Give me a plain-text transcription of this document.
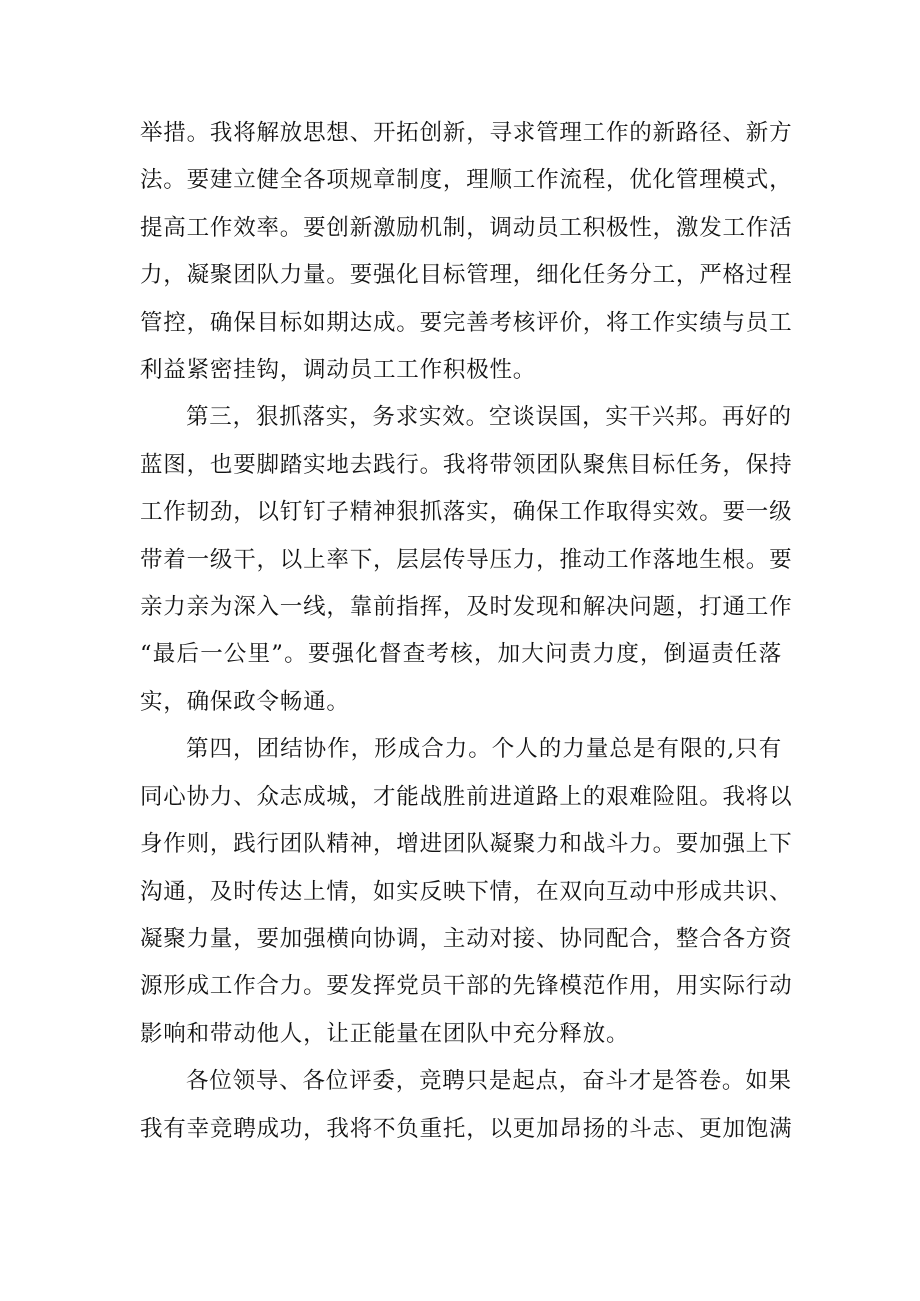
举措。我将解放思想、开拓创新，寻求管理工作的新路径、新方
法。要建立健全各项规章制度，理顺工作流程，优化管理模式，
提高工作效率。要创新激励机制，调动员工积极性，激发工作活
力，凝聚团队力量。要强化目标管理，细化任务分工，严格过程
管控，确保目标如期达成。要完善考核评价，将工作实绩与员工
利益紧密挂钩，调动员工工作积极性。

第三，狠抓落实，务求实效。空谈误国，实干兴邦。再好的
蓝图，也要脚踏实地去践行。我将带领团队聚焦目标任务，保持
工作韧劲，以钉钉子精神狠抓落实，确保工作取得实效。要一级
带着一级干，以上率下，层层传导压力，推动工作落地生根。要
亲力亲为深入一线，靠前指挥，及时发现和解决问题，打通工作
“最后一公里”。要强化督查考核，加大问责力度，倒逼责任落
实，确保政令畅通。

第四，团结协作，形成合力。个人的力量总是有限的,只有
同心协力、众志成城，才能战胜前进道路上的艰难险阻。我将以
身作则，践行团队精神，增进团队凝聚力和战斗力。要加强上下
沟通，及时传达上情，如实反映下情，在双向互动中形成共识、
凝聚力量，要加强横向协调，主动对接、协同配合，整合各方资
源形成工作合力。要发挥党员干部的先锋模范作用，用实际行动
影响和带动他人，让正能量在团队中充分释放。

各位领导、各位评委，竞聘只是起点，奋斗才是答卷。如果
我有幸竞聘成功，我将不负重托，以更加昂扬的斗志、更加饱满
